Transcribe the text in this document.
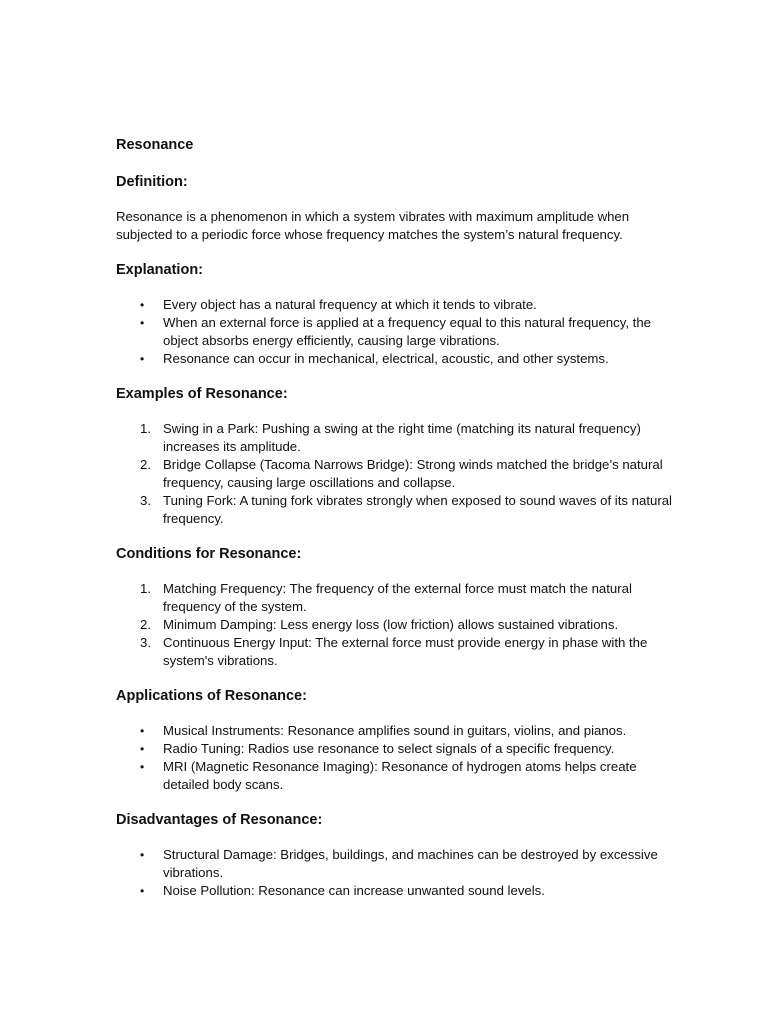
Resonance
Definition:
Resonance is a phenomenon in which a system vibrates with maximum amplitude when subjected to a periodic force whose frequency matches the system’s natural frequency.
Explanation:
•	Every object has a natural frequency at which it tends to vibrate.
•	When an external force is applied at a frequency equal to this natural frequency, the object absorbs energy efficiently, causing large vibrations.
•	Resonance can occur in mechanical, electrical, acoustic, and other systems.
Examples of Resonance:
1. Swing in a Park: Pushing a swing at the right time (matching its natural frequency) increases its amplitude.
2. Bridge Collapse (Tacoma Narrows Bridge): Strong winds matched the bridge’s natural frequency, causing large oscillations and collapse.
3. Tuning Fork: A tuning fork vibrates strongly when exposed to sound waves of its natural frequency.
Conditions for Resonance:
1. Matching Frequency: The frequency of the external force must match the natural frequency of the system.
2. Minimum Damping: Less energy loss (low friction) allows sustained vibrations.
3. Continuous Energy Input: The external force must provide energy in phase with the system's vibrations.
Applications of Resonance:
•	Musical Instruments: Resonance amplifies sound in guitars, violins, and pianos.
•	Radio Tuning: Radios use resonance to select signals of a specific frequency.
•	MRI (Magnetic Resonance Imaging): Resonance of hydrogen atoms helps create detailed body scans.
Disadvantages of Resonance:
•	Structural Damage: Bridges, buildings, and machines can be destroyed by excessive vibrations.
•	Noise Pollution: Resonance can increase unwanted sound levels.
